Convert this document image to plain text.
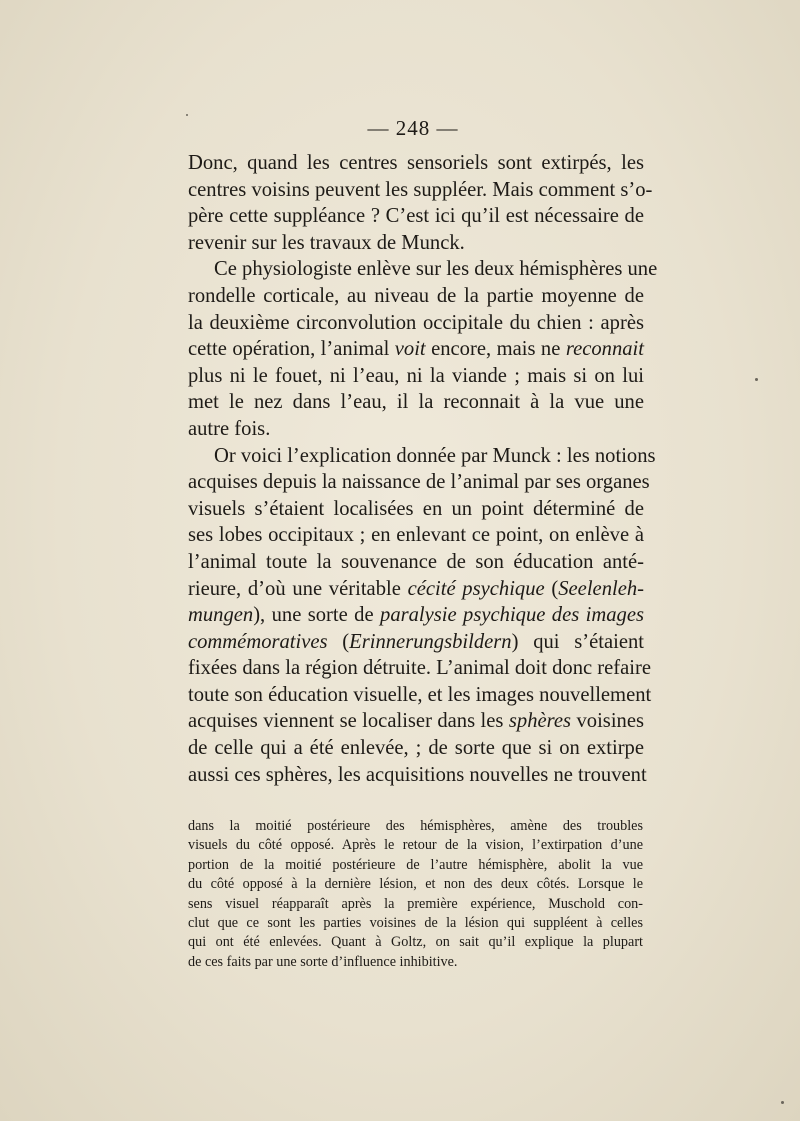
— 248 —
Donc, quand les centres sensoriels sont extirpés, les
centres voisins peuvent les suppléer. Mais comment s’o-
père cette suppléance ? C’est ici qu’il est nécessaire de
revenir sur les travaux de Munck.
Ce physiologiste enlève sur les deux hémisphères une
rondelle corticale, au niveau de la partie moyenne de
la deuxième circonvolution occipitale du chien : après
cette opération, l’animal voit encore, mais ne reconnait
plus ni le fouet, ni l’eau, ni la viande ; mais si on lui
met le nez dans l’eau, il la reconnait à la vue une
autre fois.
Or voici l’explication donnée par Munck : les notions
acquises depuis la naissance de l’animal par ses organes
visuels s’étaient localisées en un point déterminé de
ses lobes occipitaux ; en enlevant ce point, on enlève à
l’animal toute la souvenance de son éducation anté-
rieure, d’où une véritable cécité psychique (Seelenleh-
mungen), une sorte de paralysie psychique des images
commémoratives (Erinnerungsbildern) qui s’étaient
fixées dans la région détruite. L’animal doit donc refaire
toute son éducation visuelle, et les images nouvellement
acquises viennent se localiser dans les sphères voisines
de celle qui a été enlevée, ; de sorte que si on extirpe
aussi ces sphères, les acquisitions nouvelles ne trouvent
dans la moitié postérieure des hémisphères, amène des troubles
visuels du côté opposé. Après le retour de la vision, l’extirpation d’une
portion de la moitié postérieure de l’autre hémisphère, abolit la vue
du côté opposé à la dernière lésion, et non des deux côtés. Lorsque le
sens visuel réapparaît après la première expérience, Muschold con-
clut que ce sont les parties voisines de la lésion qui suppléent à celles
qui ont été enlevées. Quant à Goltz, on sait qu’il explique la plupart
de ces faits par une sorte d’influence inhibitive.
